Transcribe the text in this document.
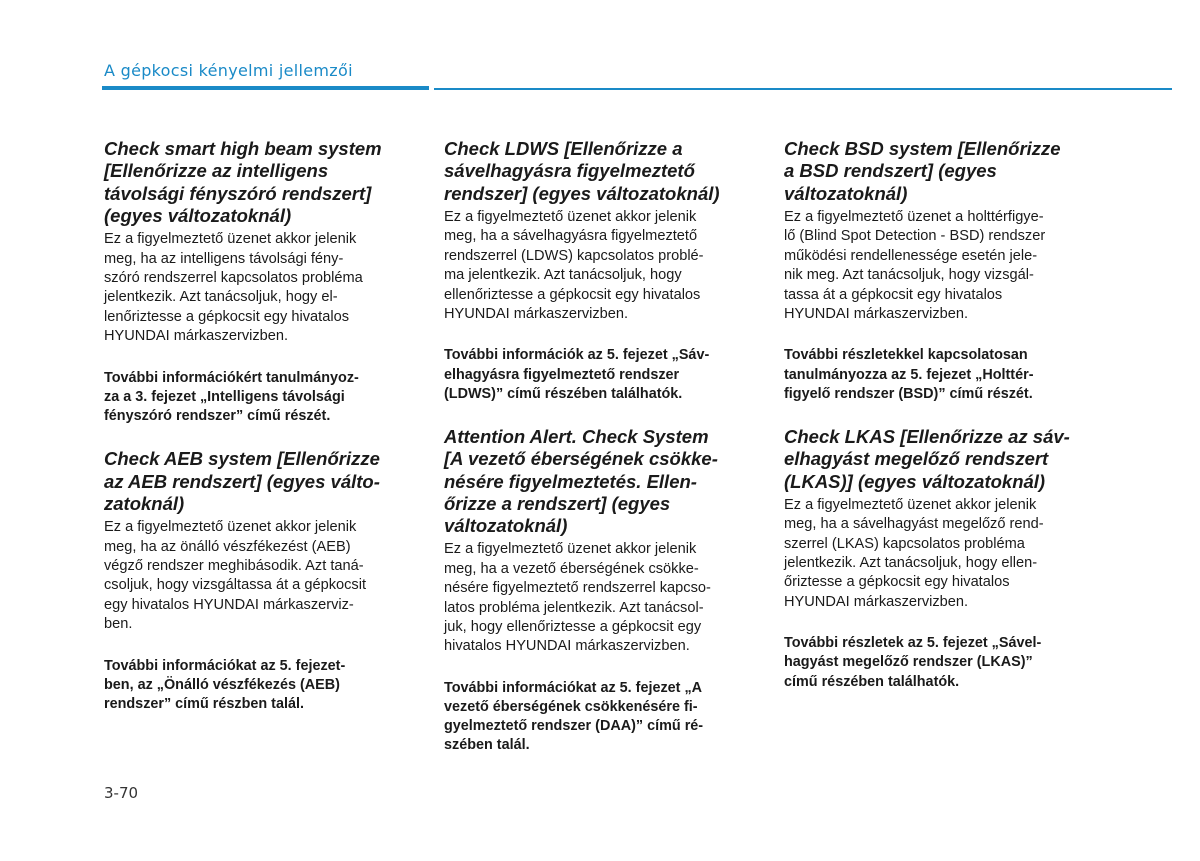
A gépkocsi kényelmi jellemzői
Check smart high beam system
[Ellenőrizze az intelligens
távolsági fényszóró rendszert]
(egyes változatoknál)
Ez a figyelmeztető üzenet akkor jelenik
meg, ha az intelligens távolsági fény-
szóró rendszerrel kapcsolatos probléma
jelentkezik. Azt tanácsoljuk, hogy el-
lenőriztesse a gépkocsit egy hivatalos
HYUNDAI márkaszervizben.
További információkért tanulmányoz-
za a 3. fejezet „Intelligens távolsági
fényszóró rendszer” című részét.
Check AEB system [Ellenőrizze
az AEB rendszert] (egyes válto-
zatoknál)
Ez a figyelmeztető üzenet akkor jelenik
meg, ha az önálló vészfékezést (AEB)
végző rendszer meghibásodik. Azt taná-
csoljuk, hogy vizsgáltassa át a gépkocsit
egy hivatalos HYUNDAI márkaszerviz-
ben.
További információkat az 5. fejezet-
ben, az „Önálló vészfékezés (AEB)
rendszer” című részben talál.
Check LDWS [Ellenőrizze a
sávelhagyásra figyelmeztető
rendszer] (egyes változatoknál)
Ez a figyelmeztető üzenet akkor jelenik
meg, ha a sávelhagyásra figyelmeztető
rendszerrel (LDWS) kapcsolatos problé-
ma jelentkezik. Azt tanácsoljuk, hogy
ellenőriztesse a gépkocsit egy hivatalos
HYUNDAI márkaszervizben.
További információk az 5. fejezet „Sáv-
elhagyásra figyelmeztető rendszer
(LDWS)” című részében találhatók.
Attention Alert. Check System
[A vezető éberségének csökke-
nésére figyelmeztetés. Ellen-
őrizze a rendszert] (egyes
változatoknál)
Ez a figyelmeztető üzenet akkor jelenik
meg, ha a vezető éberségének csökke-
nésére figyelmeztető rendszerrel kapcso-
latos probléma jelentkezik. Azt tanácsol-
juk, hogy ellenőriztesse a gépkocsit egy
hivatalos HYUNDAI márkaszervizben.
További információkat az 5. fejezet „A
vezető éberségének csökkenésére fi-
gyelmeztető rendszer (DAA)” című ré-
szében talál.
Check BSD system [Ellenőrizze
a BSD rendszert] (egyes
változatoknál)
Ez a figyelmeztető üzenet a holttérfigye-
lő (Blind Spot Detection - BSD) rendszer
működési rendellenessége esetén jele-
nik meg. Azt tanácsoljuk, hogy vizsgál-
tassa át a gépkocsit egy hivatalos
HYUNDAI márkaszervizben.
További részletekkel kapcsolatosan
tanulmányozza az 5. fejezet „Holttér-
figyelő rendszer (BSD)” című részét.
Check LKAS [Ellenőrizze az sáv-
elhagyást megelőző rendszert
(LKAS)] (egyes változatoknál)
Ez a figyelmeztető üzenet akkor jelenik
meg, ha a sávelhagyást megelőző rend-
szerrel (LKAS) kapcsolatos probléma
jelentkezik. Azt tanácsoljuk, hogy ellen-
őriztesse a gépkocsit egy hivatalos
HYUNDAI márkaszervizben.
További részletek az 5. fejezet „Sável-
hagyást megelőző rendszer (LKAS)”
című részében találhatók.
3-70
